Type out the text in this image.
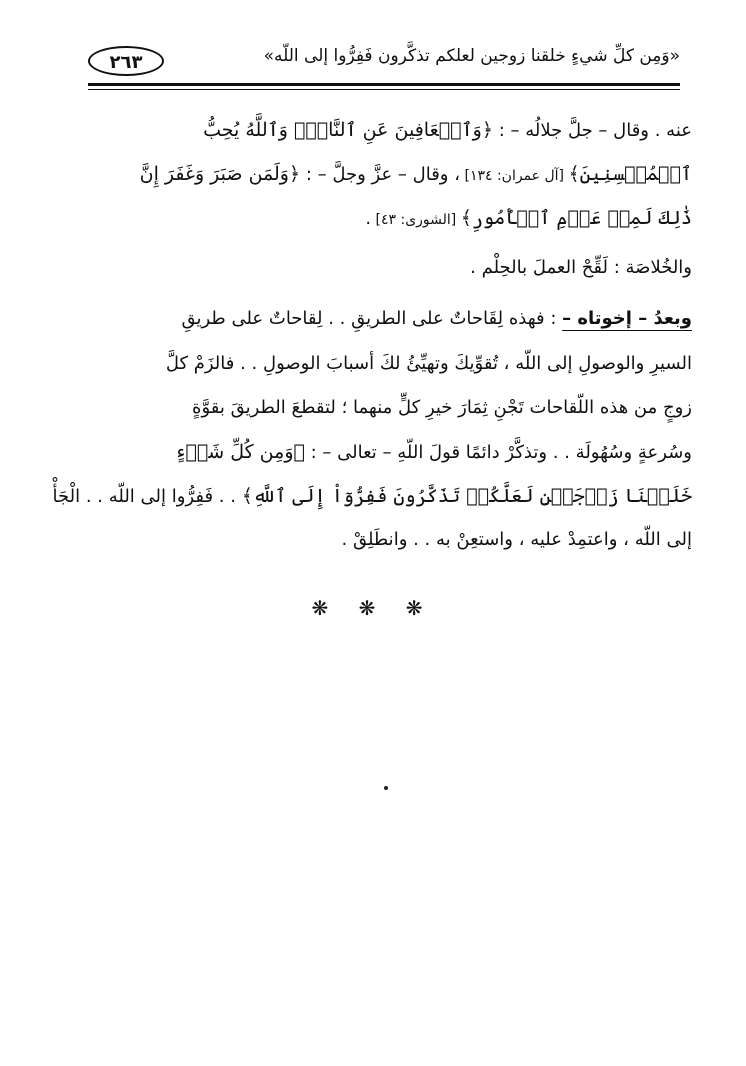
«وَمِن كلِّ شيءٍ خلقنا زوجين لعلكم تذكَّرون فَفِرُّوا إلى اللّه»
٢٦٣
عنه . وقال – جلَّ جلالُه – : ﴿وَٱلۡعَافِينَ عَنِ ٱلنَّاسِۗ وَٱللَّهُ يُحِبُّ
ٱلۡمُحۡسِنِينَ﴾ [آل عمران: ١٣٤] ، وقال – عزَّ وجلَّ – : ﴿وَلَمَن صَبَرَ وَغَفَرَ إِنَّ
ذَٰلِكَ لَمِنۡ عَزۡمِ ٱلۡأُمُورِ﴾ [الشورى: ٤٣] .
والخُلاصَة : لَقِّحْ العملَ بالحِلْم .
وبعدُ – إخوتاه – : فهذه لِقَاحاتٌ على الطريقِ . . لِقاحاتٌ على طريقِ
السيرِ والوصولِ إلى اللّه ، تُقوِّيكَ وتهيِّئُ لكَ أسبابَ الوصولِ . . فالزَمْ كلَّ
زوجٍ من هذه اللّقاحات تَجْنِ ثِمَارَ خيرِ كلٍّ منهما ؛ لتقطعَ الطريقَ بقوَّةٍ
وسُرعةٍ وسُهُولَة . . وتذكَّرْ دائمًا قولَ اللّهِ – تعالى – : ﴿وَمِن كُلِّ شَيۡءٍ
خَلَقۡنَا زَوۡجَيۡنِ لَعَلَّكُمۡ تَذَكَّرُونَ فَفِرُّوٓاْ إِلَى ٱللَّهِ﴾ . . فَفِرُّوا إلى اللّه . . الْجَأْ
إلى اللّه ، واعتمِدْ عليه ، واستعِنْ به . . وانطَلِقْ .
❋ ❋ ❋
